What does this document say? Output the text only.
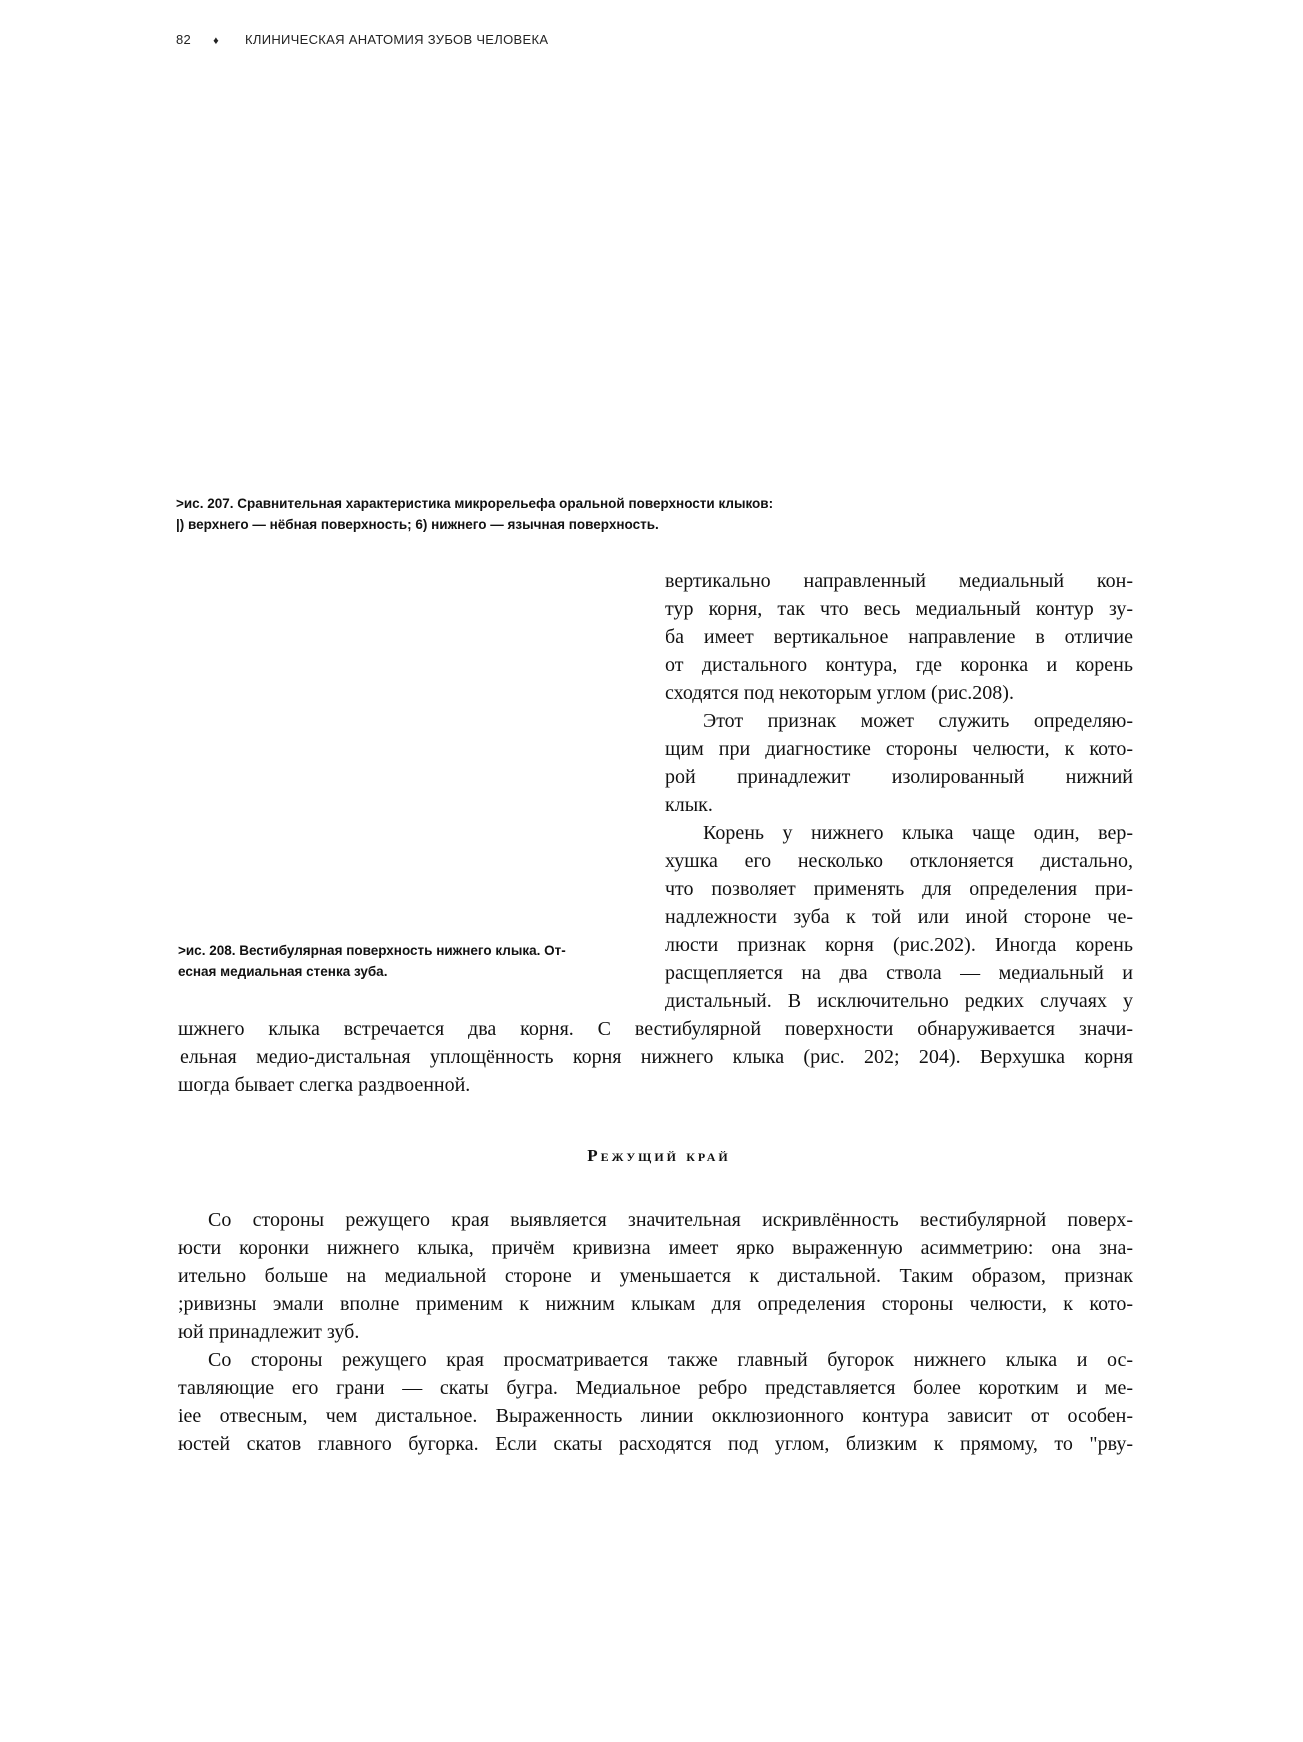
82 ♦ КЛИНИЧЕСКАЯ АНАТОМИЯ ЗУБОВ ЧЕЛОВЕКА
>ис. 207. Сравнительная характеристика микрорельефа оральной поверхности клыков:
|) верхнего — нёбная поверхность; 6) нижнего — язычная поверхность.
>ис. 208. Вестибулярная поверхность нижнего клыка. От-
есная медиальная стенка зуба.
вертикально направленный медиальный кон-
тур корня, так что весь медиальный контур зу-
ба имеет вертикальное направление в отличие
от дистального контура, где коронка и корень
сходятся под некоторым углом (рис.208).
Этот признак может служить определяю-
щим при диагностике стороны челюсти, к кото-
рой принадлежит изолированный нижний
клык.
Корень у нижнего клыка чаще один, вер-
хушка его несколько отклоняется дистально,
что позволяет применять для определения при-
надлежности зуба к той или иной стороне че-
люсти признак корня (рис.202). Иногда корень
расщепляется на два ствола — медиальный и
дистальный. В исключительно редких случаях у
шжнего клыка встречается два корня. С вестибулярной поверхности обнаруживается значи-
ельная медио-дистальная уплощённость корня нижнего клыка (рис. 202; 204). Верхушка корня
шогда бывает слегка раздвоенной.
Режущий край
Со стороны режущего края выявляется значительная искривлённость вестибулярной поверх-
юсти коронки нижнего клыка, причём кривизна имеет ярко выраженную асимметрию: она зна-
итeльно больше на медиальной стороне и уменьшается к дистальной. Таким образом, признак
;ривизны эмали вполне применим к нижним клыкам для определения стороны челюсти, к кото-
юй принадлежит зуб.
Со стороны режущего края просматривается также главный бугорок нижнего клыка и ос-
тавляющие его грани — скаты бугра. Медиальное ребро представляется более коротким и ме-
iее отвесным, чем дистальное. Выраженность линии окклюзионного контура зависит от особен-
юстей скатов главного бугорка. Если скаты расходятся под углом, близким к прямому, то "рву-
